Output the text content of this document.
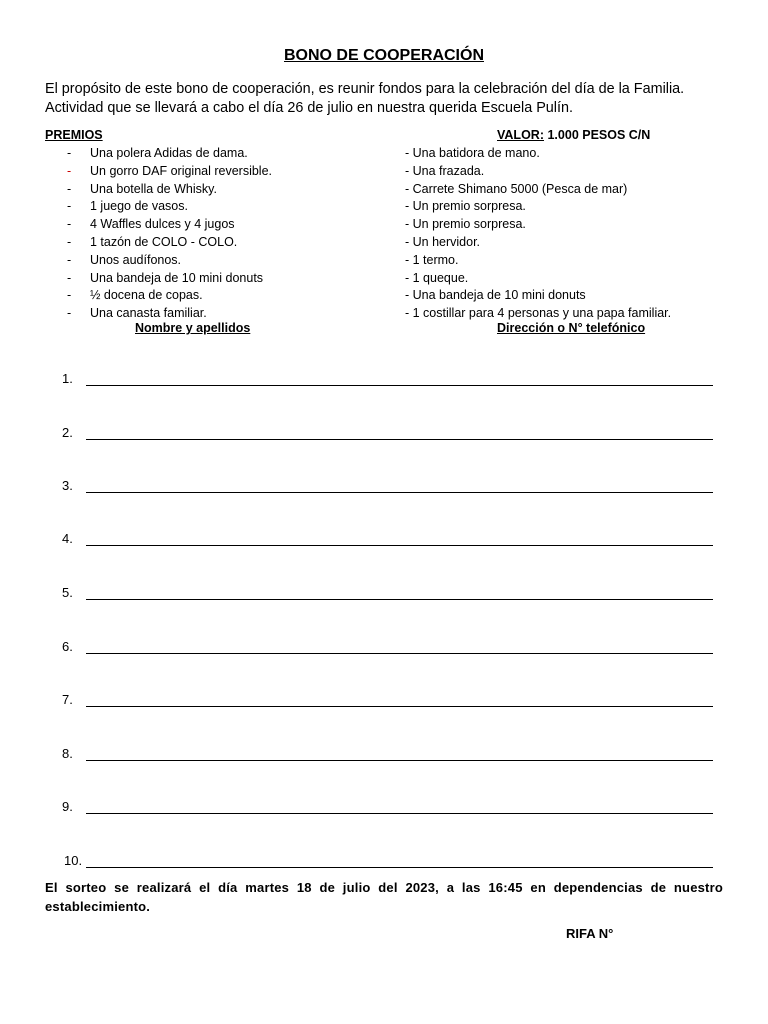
BONO DE COOPERACIÓN

El propósito de este bono de cooperación, es reunir fondos para la celebración del día de la Familia.

Actividad que se llevará a cabo el día 26 de julio en nuestra querida Escuela Pulín.

PREMIOS	VALOR: 1.000 PESOS C/N
-	Una polera Adidas de dama.
-	Un gorro DAF original reversible.
-	Una botella de Whisky.
-	1 juego de vasos.
-	4 Waffles dulces y 4 jugos
-	1 tazón de COLO - COLO.
-	Unos audífonos.
-	Una bandeja de 10 mini donuts
-	½ docena de copas.
-	Una canasta familiar.
- Una batidora de mano.
- Una frazada.
- Carrete Shimano 5000 (Pesca de mar)
- Un premio sorpresa.
- Un premio sorpresa.
- Un hervidor.
- 1 termo.
- 1 queque.
- Una bandeja de 10 mini donuts
- 1 costillar para 4 personas y una papa familiar.
Nombre y apellidos	Dirección o N° telefónico
1.
2.
3.
4.
5.
6.
7.
8.
9.
10.
El sorteo se realizará el día martes 18 de julio del 2023, a las 16:45 en dependencias de nuestro establecimiento.
RIFA N°
